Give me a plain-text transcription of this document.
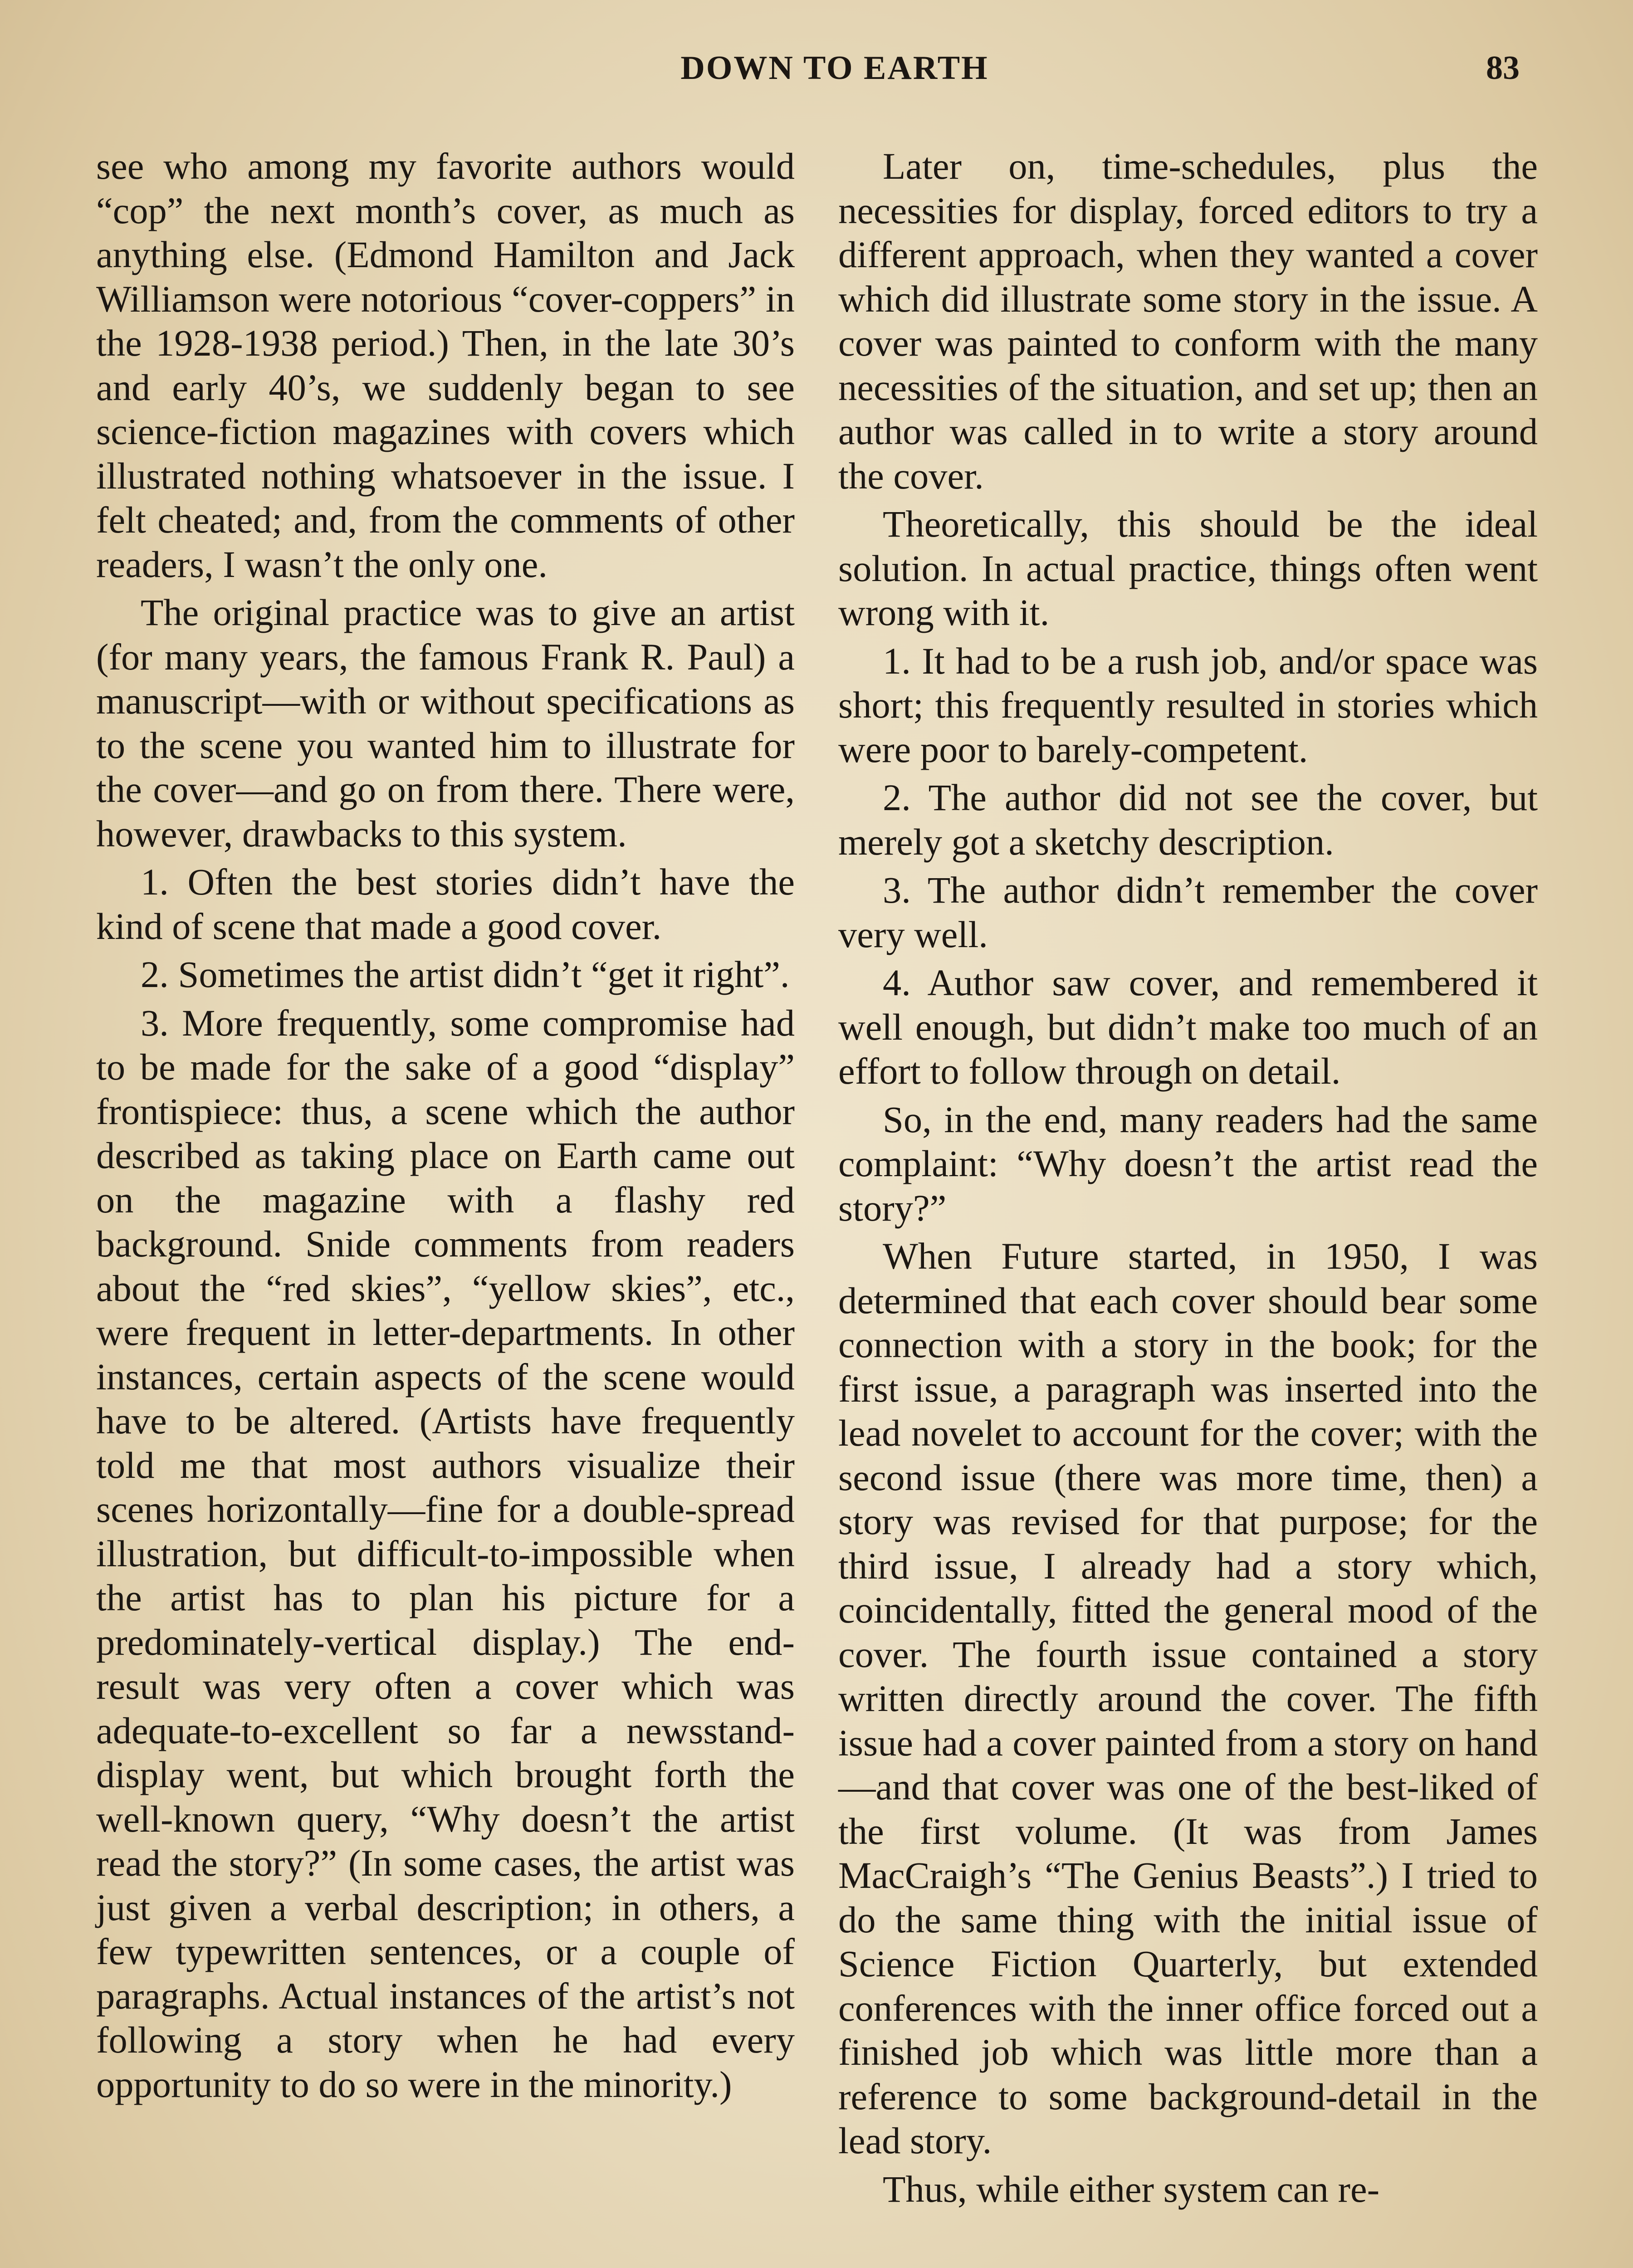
DOWN TO EARTH	83

see who among my favorite authors would “cop” the next month’s cover, as much as anything else. (Edmond Hamilton and Jack Williamson were notorious “cover-coppers” in the 1928-1938 period.) Then, in the late 30’s and early 40’s, we suddenly began to see science-fiction magazines with covers which illustrated nothing whatsoever in the issue. I felt cheated; and, from the comments of other readers, I wasn’t the only one.

The original practice was to give an artist (for many years, the famous Frank R. Paul) a manuscript—with or without specifications as to the scene you wanted him to illustrate for the cover—and go on from there. There were, however, drawbacks to this system.

1. Often the best stories didn’t have the kind of scene that made a good cover.

2. Sometimes the artist didn’t “get it right”.

3. More frequently, some compromise had to be made for the sake of a good “display” frontispiece: thus, a scene which the author described as taking place on Earth came out on the magazine with a flashy red background. Snide comments from readers about the “red skies”, “yellow skies”, etc., were frequent in letter-departments. In other instances, certain aspects of the scene would have to be altered. (Artists have frequently told me that most authors visualize their scenes horizontally—fine for a double-spread illustration, but difficult-to-impossible when the artist has to plan his picture for a predominately-vertical display.) The end-result was very often a cover which was adequate-to-excellent so far a newsstand-display went, but which brought forth the well-known query, “Why doesn’t the artist read the story?” (In some cases, the artist was just given a verbal description; in others, a few typewritten sentences, or a couple of paragraphs. Actual instances of the artist’s not following a story when he had every opportunity to do so were in the minority.)

Later on, time-schedules, plus the necessities for display, forced editors to try a different approach, when they wanted a cover which did illustrate some story in the issue. A cover was painted to conform with the many necessities of the situation, and set up; then an author was called in to write a story around the cover.

Theoretically, this should be the ideal solution. In actual practice, things often went wrong with it.

1. It had to be a rush job, and/or space was short; this frequently resulted in stories which were poor to barely-competent.

2. The author did not see the cover, but merely got a sketchy description.

3. The author didn’t remember the cover very well.

4. Author saw cover, and remembered it well enough, but didn’t make too much of an effort to follow through on detail.

So, in the end, many readers had the same complaint: “Why doesn’t the artist read the story?”

When Future started, in 1950, I was determined that each cover should bear some connection with a story in the book; for the first issue, a paragraph was inserted into the lead novelet to account for the cover; with the second issue (there was more time, then) a story was revised for that purpose; for the third issue, I already had a story which, coincidentally, fitted the general mood of the cover. The fourth issue contained a story written directly around the cover. The fifth issue had a cover painted from a story on hand—and that cover was one of the best-liked of the first volume. (It was from James MacCraigh’s “The Genius Beasts”.) I tried to do the same thing with the initial issue of Science Fiction Quarterly, but extended conferences with the inner office forced out a finished job which was little more than a reference to some background-detail in the lead story.

Thus, while either system can re-
